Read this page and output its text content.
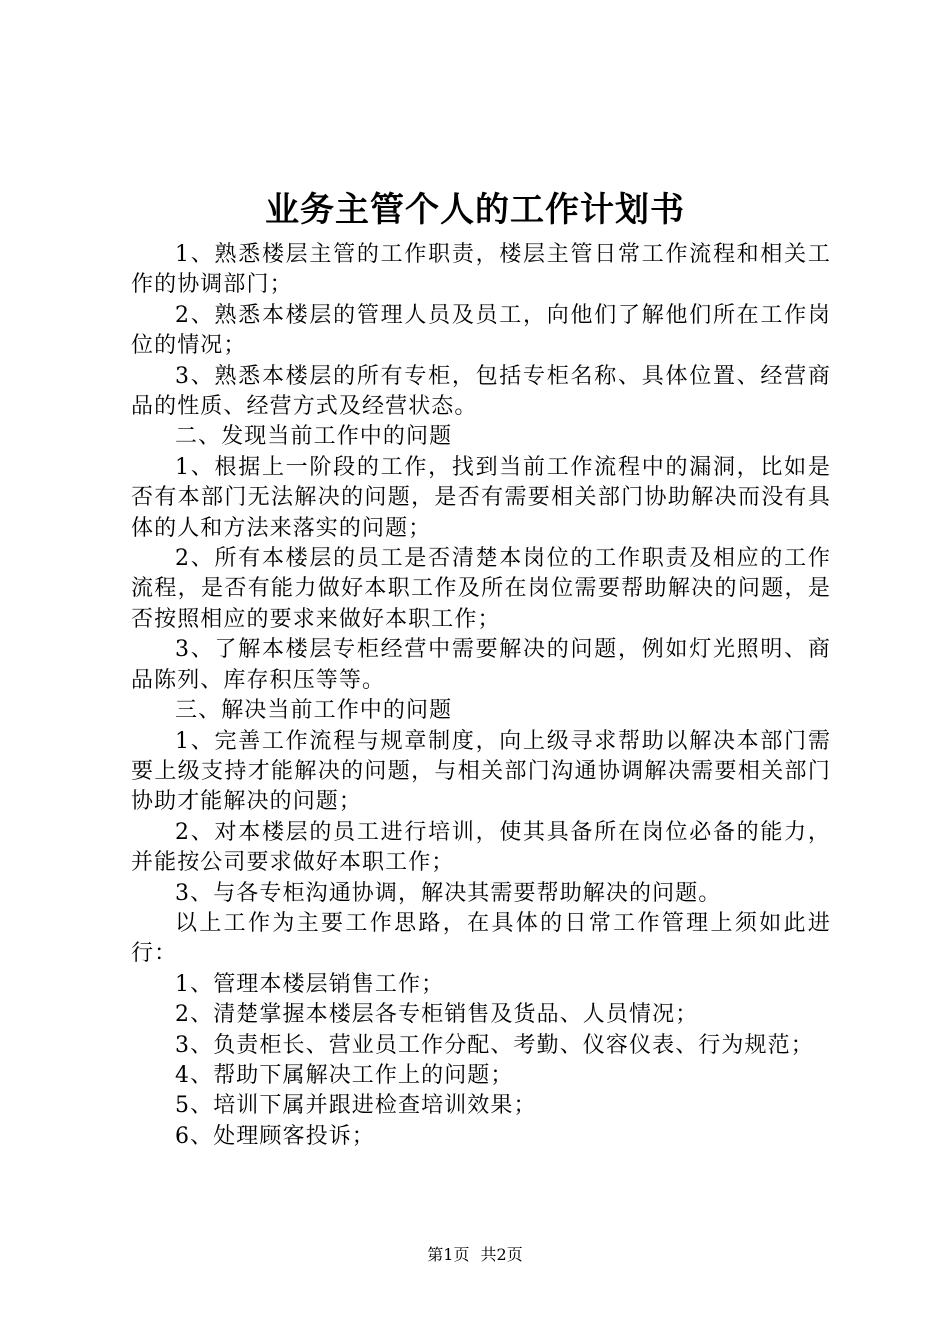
业务主管个人的工作计划书

1、熟悉楼层主管的工作职责，楼层主管日常工作流程和相关工作的协调部门；

2、熟悉本楼层的管理人员及员工，向他们了解他们所在工作岗位的情况；

3、熟悉本楼层的所有专柜，包括专柜名称、具体位置、经营商品的性质、经营方式及经营状态。

二、发现当前工作中的问题

1、根据上一阶段的工作，找到当前工作流程中的漏洞，比如是否有本部门无法解决的问题，是否有需要相关部门协助解决而没有具体的人和方法来落实的问题；

2、所有本楼层的员工是否清楚本岗位的工作职责及相应的工作流程，是否有能力做好本职工作及所在岗位需要帮助解决的问题，是否按照相应的要求来做好本职工作；

3、了解本楼层专柜经营中需要解决的问题，例如灯光照明、商品陈列、库存积压等等。

三、解决当前工作中的问题

1、完善工作流程与规章制度，向上级寻求帮助以解决本部门需要上级支持才能解决的问题，与相关部门沟通协调解决需要相关部门协助才能解决的问题；

2、对本楼层的员工进行培训，使其具备所在岗位必备的能力，并能按公司要求做好本职工作；

3、与各专柜沟通协调，解决其需要帮助解决的问题。

以上工作为主要工作思路，在具体的日常工作管理上须如此进行：

1、管理本楼层销售工作；

2、清楚掌握本楼层各专柜销售及货品、人员情况；

3、负责柜长、营业员工作分配、考勤、仪容仪表、行为规范；

4、帮助下属解决工作上的问题；

5、培训下属并跟进检查培训效果；

6、处理顾客投诉；

第1页 共2页
